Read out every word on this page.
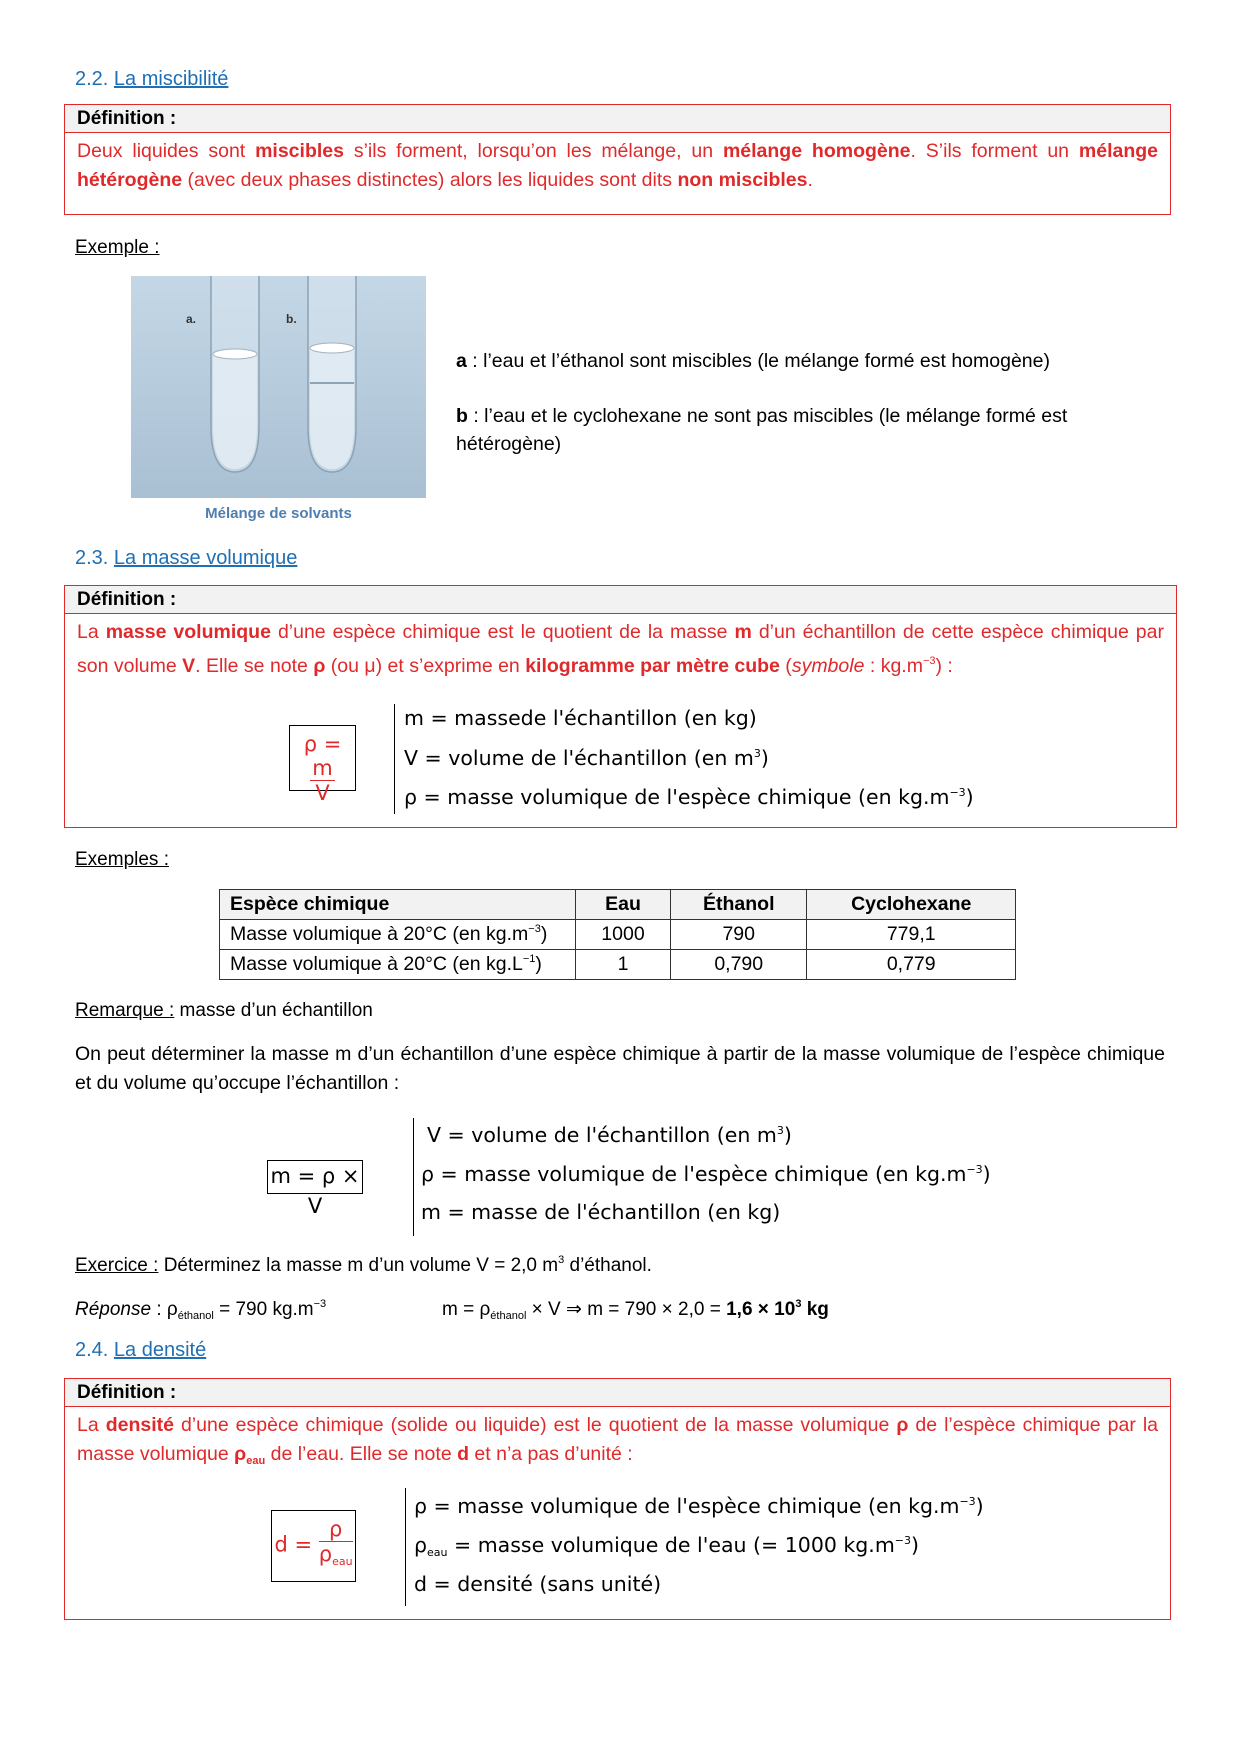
2.2. La miscibilité
Définition :
Deux liquides sont miscibles s’ils forment, lorsqu’on les mélange, un mélange homogène. S’ils forment un mélange hétérogène (avec deux phases distinctes) alors les liquides sont dits non miscibles.
Exemple :
a.	b.
Mélange de solvants
a : l’eau et l’éthanol sont miscibles (le mélange formé est homogène)
b : l’eau et le cyclohexane ne sont pas miscibles (le mélange formé est hétérogène)
2.3. La masse volumique
Définition :
La masse volumique d’une espèce chimique est le quotient de la masse m d’un échantillon de cette espèce chimique par son volume V. Elle se note ρ (ou μ) et s’exprime en kilogramme par mètre cube (symbole : $kg.m^{-3}$) :
ρ =
$\frac{m}{V}$
m = massede l'échantillon (en kg)
V = volume de l'échantillon (en $m^3$)
ρ = masse volumique de l'espèce chimique (en $kg.m^{-3}$)
Exemples :
Espèce chimique	Eau	Éthanol	Cyclohexane
Masse volumique à 20°C (en $kg.m^{-3}$)	1000	790	779,1
Masse volumique à 20°C (en $kg.L^{-1}$)	1	0,790	0,779
Remarque : masse d’un échantillon
On peut déterminer la masse m d’un échantillon d’une espèce chimique à partir de la masse volumique de l’espèce chimique et du volume qu’occupe l’échantillon :
m = ρ × V
V = volume de l'échantillon (en $m^3$)
ρ = masse volumique de l'espèce chimique (en $kg.m^{-3}$)
m = masse de l'échantillon (en kg)
Exercice : Déterminez la masse m d’un volume V = 2,0 $m^3$ d’éthanol.
Réponse : $\rho_{éthanol} = 790$ $kg.m^{-3}$	$m = \rho_{éthanol} \times V$ ⇒ $m = 790 \times 2,0 = 1,6 \times 10^3$ kg
2.4. La densité
Définition :
La densité d’une espèce chimique (solide ou liquide) est le quotient de la masse volumique ρ de l’espèce chimique par la masse volumique $\rho_{eau}$ de l’eau. Elle se note d et n’a pas d’unité :
$d = \frac{\rho}{\rho_{eau}}$
ρ = masse volumique de l'espèce chimique (en $kg.m^{-3}$)
$\rho_{eau}$ = masse volumique de l'eau (= 1000 $kg.m^{-3}$)
d = densité (sans unité)
